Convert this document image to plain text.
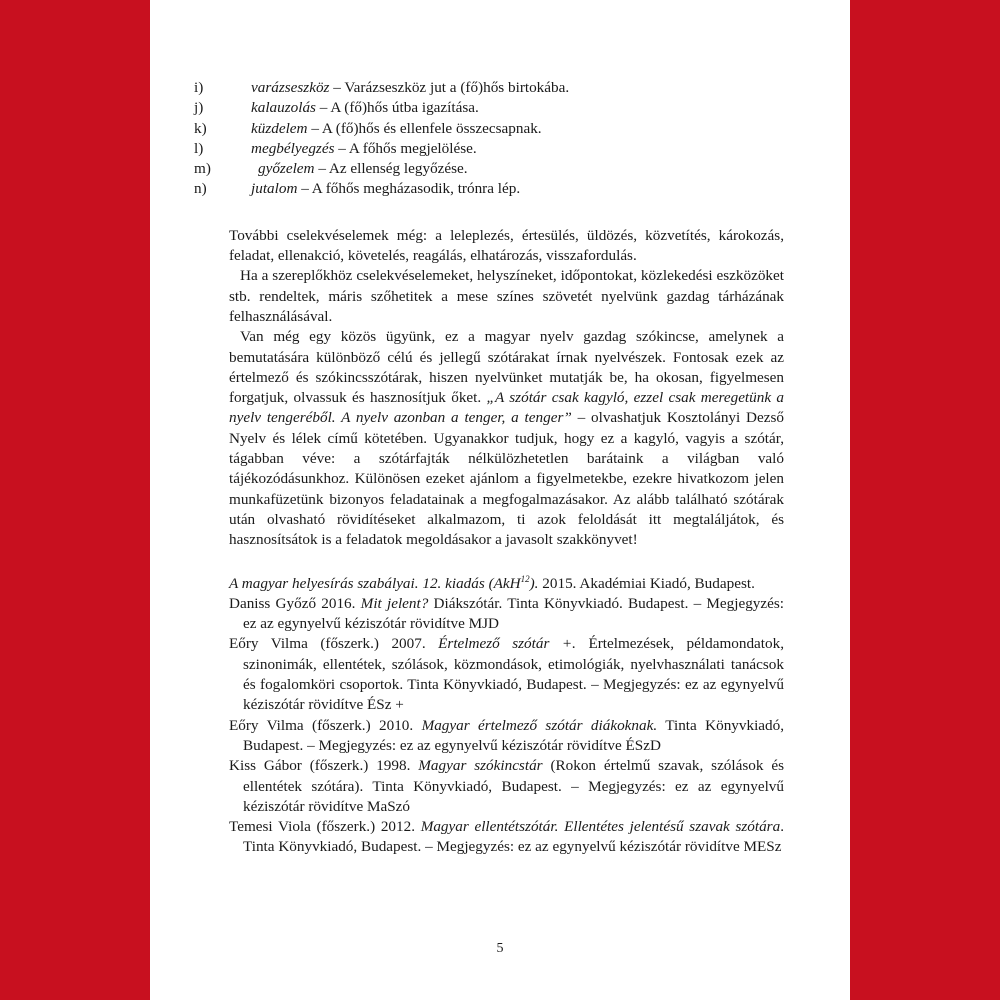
i)	varázseszköz – Varázseszköz jut a (fő)hős birtokába.
j)	kalauzolás – A (fő)hős útba igazítása.
k)	küzdelem – A (fő)hős és ellenfele összecsapnak.
l)	megbélyegzés – A főhős megjelölése.
m)	győzelem – Az ellenség legyőzése.
n)	jutalom – A főhős megházasodik, trónra lép.

További cselekvéselemek még: a leleplezés, értesülés, üldözés, közvetítés, károkozás, feladat, ellenakció, követelés, reagálás, elhatározás, visszafordulás.

Ha a szereplőkhöz cselekvéselemeket, helyszíneket, időpontokat, közlekedési eszközöket stb. rendeltek, máris szőhetitek a mese színes szövetét nyelvünk gazdag tárházának felhasználásával.

Van még egy közös ügyünk, ez a magyar nyelv gazdag szókincse, amelynek a bemutatására különböző célú és jellegű szótárakat írnak nyelvészek. Fontosak ezek az értelmező és szókincsszótárak, hiszen nyelvünket mutatják be, ha okosan, figyelmesen forgatjuk, olvassuk és hasznosítjuk őket. „A szótár csak kagyló, ezzel csak meregetünk a nyelv tengeréből. A nyelv azonban a tenger, a tenger” – olvashatjuk Kosztolányi Dezső Nyelv és lélek című kötetében. Ugyanakkor tudjuk, hogy ez a kagyló, vagyis a szótár, tágabban véve: a szótárfajták nélkülözhetetlen barátaink a világban való tájékozódásunkhoz. Különösen ezeket ajánlom a figyelmetekbe, ezekre hivatkozom jelen munkafüzetünk bizonyos feladatainak a megfogalmazásakor. Az alább található szótárak után olvasható rövidítéseket alkalmazom, ti azok feloldását itt megtaláljátok, és hasznosítsátok is a feladatok megoldásakor a javasolt szakkönyvet!

A magyar helyesírás szabályai. 12. kiadás (AkH$^{12}$). 2015. Akadémiai Kiadó, Budapest.

Daniss Győző 2016. Mit jelent? Diákszótár. Tinta Könyvkiadó. Budapest. – Megjegyzés: ez az egynyelvű kéziszótár rövidítve MJD

Eőry Vilma (főszerk.) 2007. Értelmező szótár +. Értelmezések, példamondatok, szinonimák, ellentétek, szólások, közmondások, etimológiák, nyelvhasználati tanácsok és fogalomköri csoportok. Tinta Könyvkiadó, Budapest. – Megjegyzés: ez az egynyelvű kéziszótár rövidítve ÉSz +

Eőry Vilma (főszerk.) 2010. Magyar értelmező szótár diákoknak. Tinta Könyvkiadó, Budapest. – Megjegyzés: ez az egynyelvű kéziszótár rövidítve ÉSzD

Kiss Gábor (főszerk.) 1998. Magyar szókincstár (Rokon értelmű szavak, szólások és ellentétek szótára). Tinta Könyvkiadó, Budapest. – Megjegyzés: ez az egynyelvű kéziszótár rövidítve MaSzó

Temesi Viola (főszerk.) 2012. Magyar ellentétszótár. Ellentétes jelentésű szavak szótára. Tinta Könyvkiadó, Budapest. – Megjegyzés: ez az egynyelvű kéziszótár rövidítve MESz

5
